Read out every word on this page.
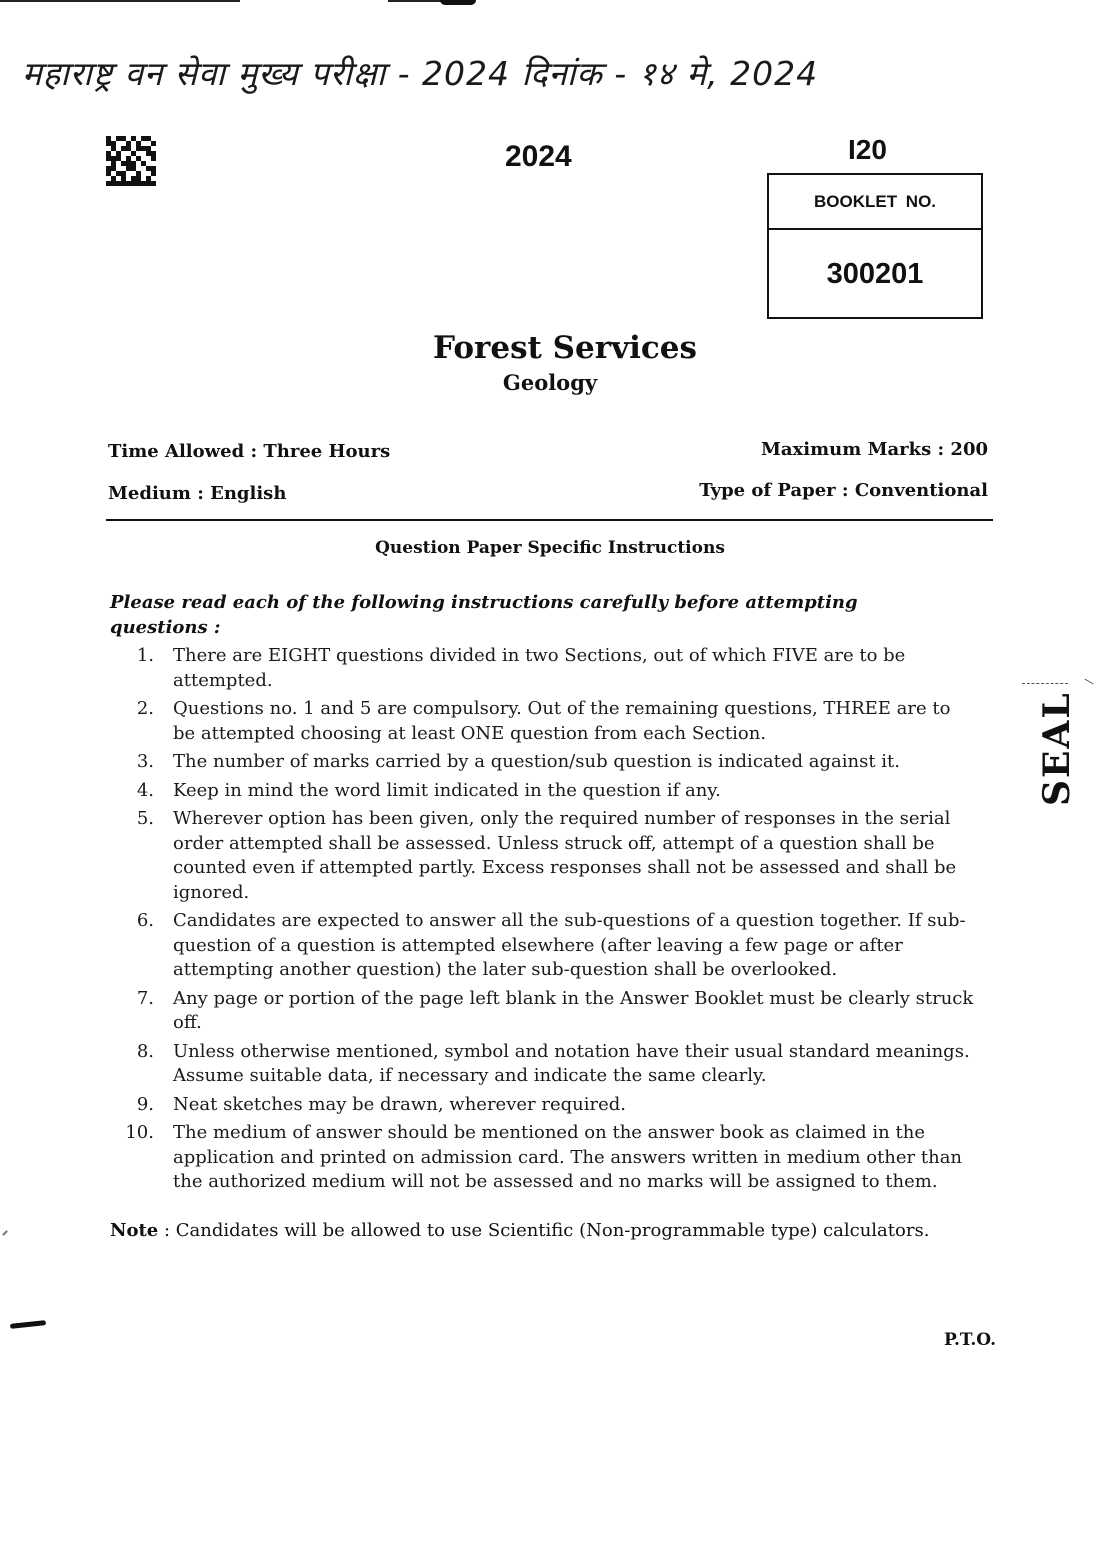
महाराष्ट्र वन सेवा मुख्य परीक्षा - 2024 दिनांक - १४ मे, 2024
2024	I20
BOOKLET NO.
300201
Forest Services
Geology
Time Allowed : Three Hours	Maximum Marks : 200
Medium : English	Type of Paper : Conventional
Question Paper Specific Instructions
Please read each of the following instructions carefully before attempting questions :
1. There are EIGHT questions divided in two Sections, out of which FIVE are to be attempted.
2. Questions no. 1 and 5 are compulsory. Out of the remaining questions, THREE are to be attempted choosing at least ONE question from each Section.
3. The number of marks carried by a question/sub question is indicated against it.
4. Keep in mind the word limit indicated in the question if any.
5. Wherever option has been given, only the required number of responses in the serial order attempted shall be assessed. Unless struck off, attempt of a question shall be counted even if attempted partly. Excess responses shall not be assessed and shall be ignored.
6. Candidates are expected to answer all the sub-questions of a question together. If sub-question of a question is attempted elsewhere (after leaving a few page or after attempting another question) the later sub-question shall be overlooked.
7. Any page or portion of the page left blank in the Answer Booklet must be clearly struck off.
8. Unless otherwise mentioned, symbol and notation have their usual standard meanings. Assume suitable data, if necessary and indicate the same clearly.
9. Neat sketches may be drawn, wherever required.
10. The medium of answer should be mentioned on the answer book as claimed in the application and printed on admission card. The answers written in medium other than the authorized medium will not be assessed and no marks will be assigned to them.
Note : Candidates will be allowed to use Scientific (Non-programmable type) calculators.
SEAL
P.T.O.
